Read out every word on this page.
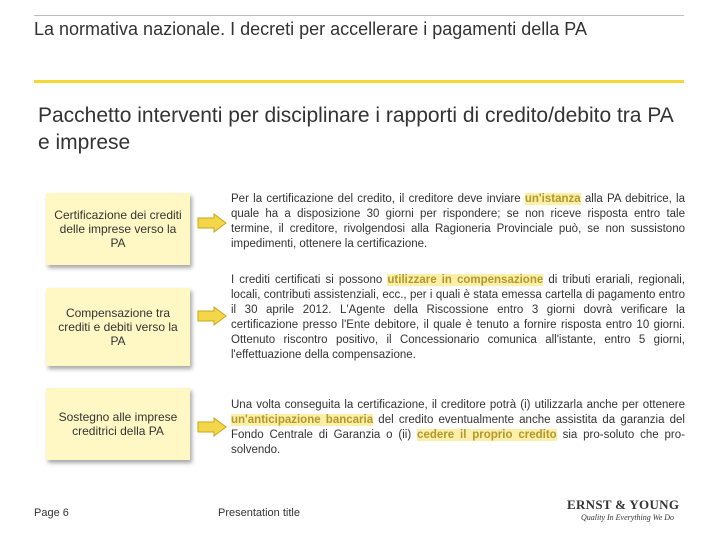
La normativa nazionale. I decreti per accellerare i pagamenti della PA
Pacchetto interventi per disciplinare i rapporti di credito/debito tra PA e imprese
Certificazione dei crediti delle imprese verso la PA
Per la certificazione del credito, il creditore deve inviare un'istanza alla PA debitrice, la quale ha a disposizione 30 giorni per rispondere; se non riceve risposta entro tale termine, il creditore, rivolgendosi alla Ragioneria Provinciale può, se non sussistono impedimenti, ottenere la certificazione.
Compensazione tra crediti e debiti verso la PA
I crediti certificati si possono utilizzare in compensazione di tributi erariali, regionali, locali, contributi assistenziali, ecc., per i quali è stata emessa cartella di pagamento entro il 30 aprile 2012. L'Agente della Riscossione entro 3 giorni dovrà verificare la certificazione presso l'Ente debitore, il quale è tenuto a fornire risposta entro 10 giorni. Ottenuto riscontro positivo, il Concessionario comunica all'istante, entro 5 giorni, l'effettuazione della compensazione.
Sostegno alle imprese creditrici della PA
Una volta conseguita la certificazione, il creditore potrà (i) utilizzarla anche per ottenere un'anticipazione bancaria del credito eventualmente anche assistita da garanzia del Fondo Centrale di Garanzia o (ii) cedere il proprio credito sia pro-soluto che pro-solvendo.
Page 6	Presentation title
ERNST & YOUNG
Quality In Everything We Do
